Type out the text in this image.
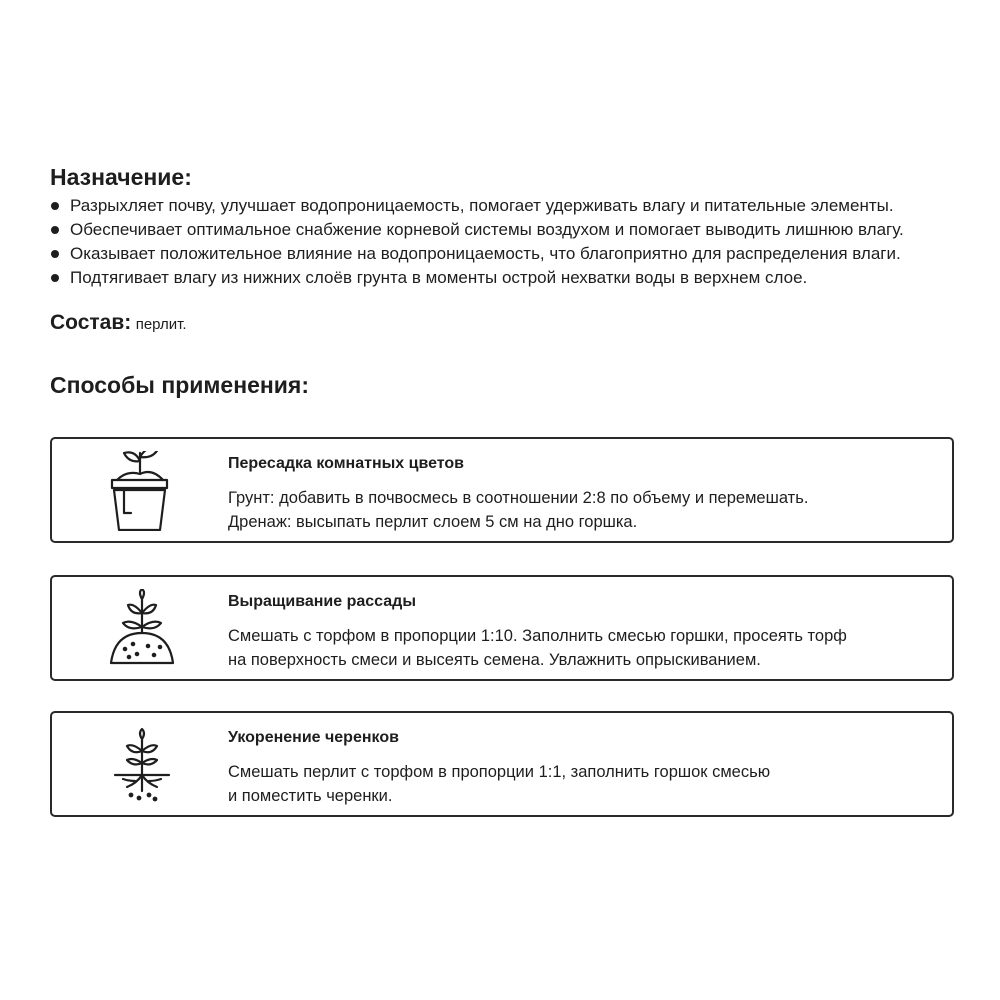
Назначение:
Разрыхляет почву, улучшает водопроницаемость, помогает удерживать влагу и питательные элементы.
Обеспечивает оптимальное снабжение корневой системы воздухом и помогает выводить лишнюю влагу.
Оказывает положительное влияние на водопроницаемость, что благоприятно для распределения влаги.
Подтягивает влагу из нижних слоёв грунта в моменты острой нехватки воды в верхнем слое.
Состав: перлит.
Способы применения:
Пересадка комнатных цветов
Грунт: добавить в почвосмесь в соотношении 2:8 по объему и перемешать.
Дренаж: высыпать перлит слоем 5 см на дно горшка.
Выращивание рассады
Смешать с торфом в пропорции 1:10. Заполнить смесью горшки, просеять торф
на поверхность смеси и высеять семена. Увлажнить опрыскиванием.
Укоренение черенков
Смешать перлит с торфом в пропорции 1:1, заполнить горшок смесью
и поместить черенки.
